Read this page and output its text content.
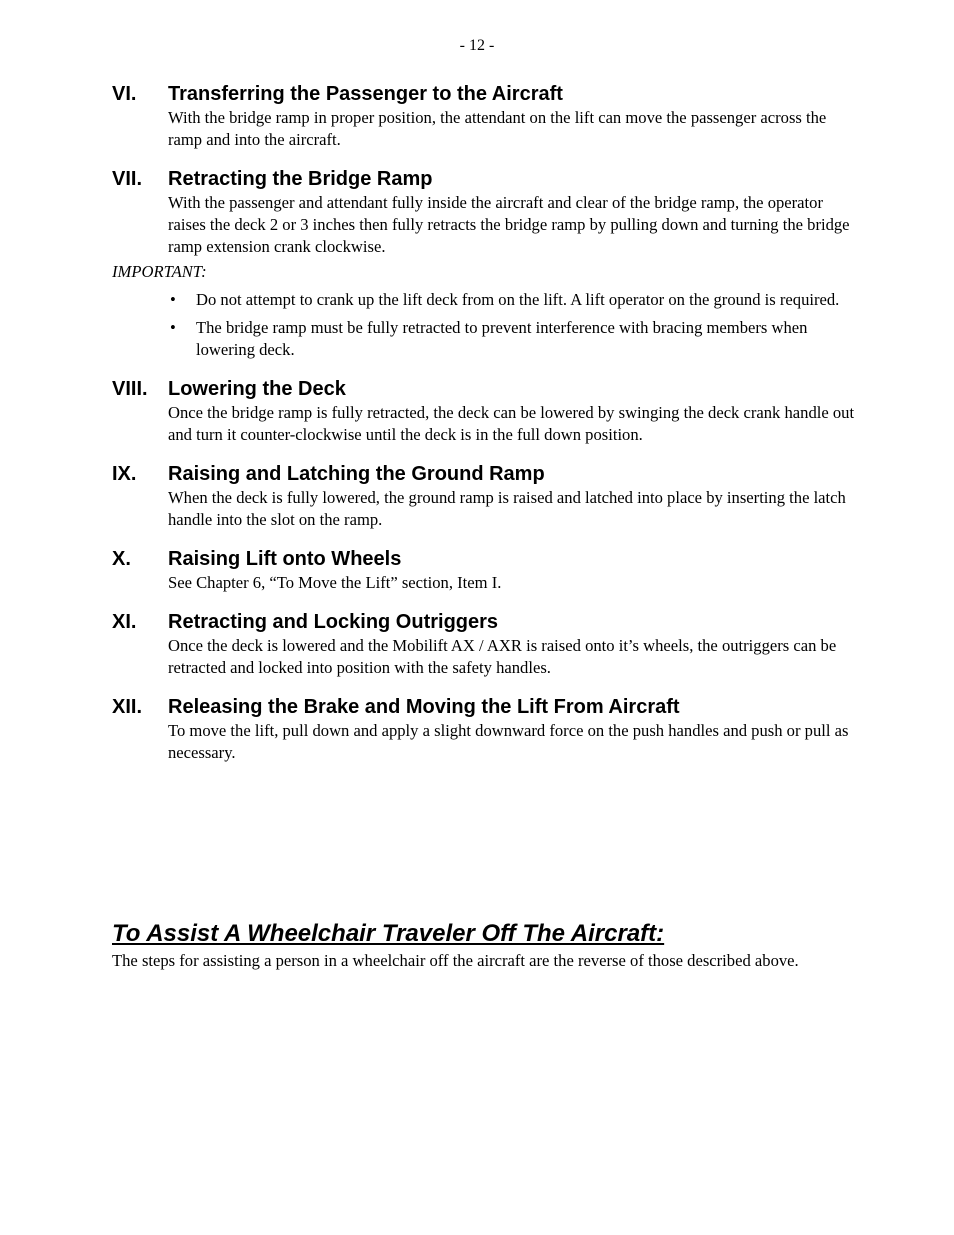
- 12 -
VI.	Transferring the Passenger to the Aircraft
With the bridge ramp in proper position, the attendant on the lift can move the passenger across the ramp and into the aircraft.
VII.	Retracting the Bridge Ramp
With the passenger and attendant fully inside the aircraft and clear of the bridge ramp, the operator raises the deck 2 or 3 inches then fully retracts the bridge ramp by pulling down and turning the bridge ramp extension crank clockwise.
IMPORTANT:
• Do not attempt to crank up the lift deck from on the lift. A lift operator on the ground is required.
• The bridge ramp must be fully retracted to prevent interference with bracing members when lowering deck.
VIII.	Lowering the Deck
Once the bridge ramp is fully retracted, the deck can be lowered by swinging the deck crank handle out and turn it counter-clockwise until the deck is in the full down position.
IX.	Raising and Latching the Ground Ramp
When the deck is fully lowered, the ground ramp is raised and latched into place by inserting the latch handle into the slot on the ramp.
X.	Raising Lift onto Wheels
See Chapter 6, “To Move the Lift” section, Item I.
XI.	Retracting and Locking Outriggers
Once the deck is lowered and the Mobilift AX / AXR is raised onto it’s wheels, the outriggers can be retracted and locked into position with the safety handles.
XII.	Releasing the Brake and Moving the Lift From Aircraft
To move the lift, pull down and apply a slight downward force on the push handles and push or pull as necessary.
To Assist A Wheelchair Traveler Off The Aircraft:
The steps for assisting a person in a wheelchair off the aircraft are the reverse of those described above.
